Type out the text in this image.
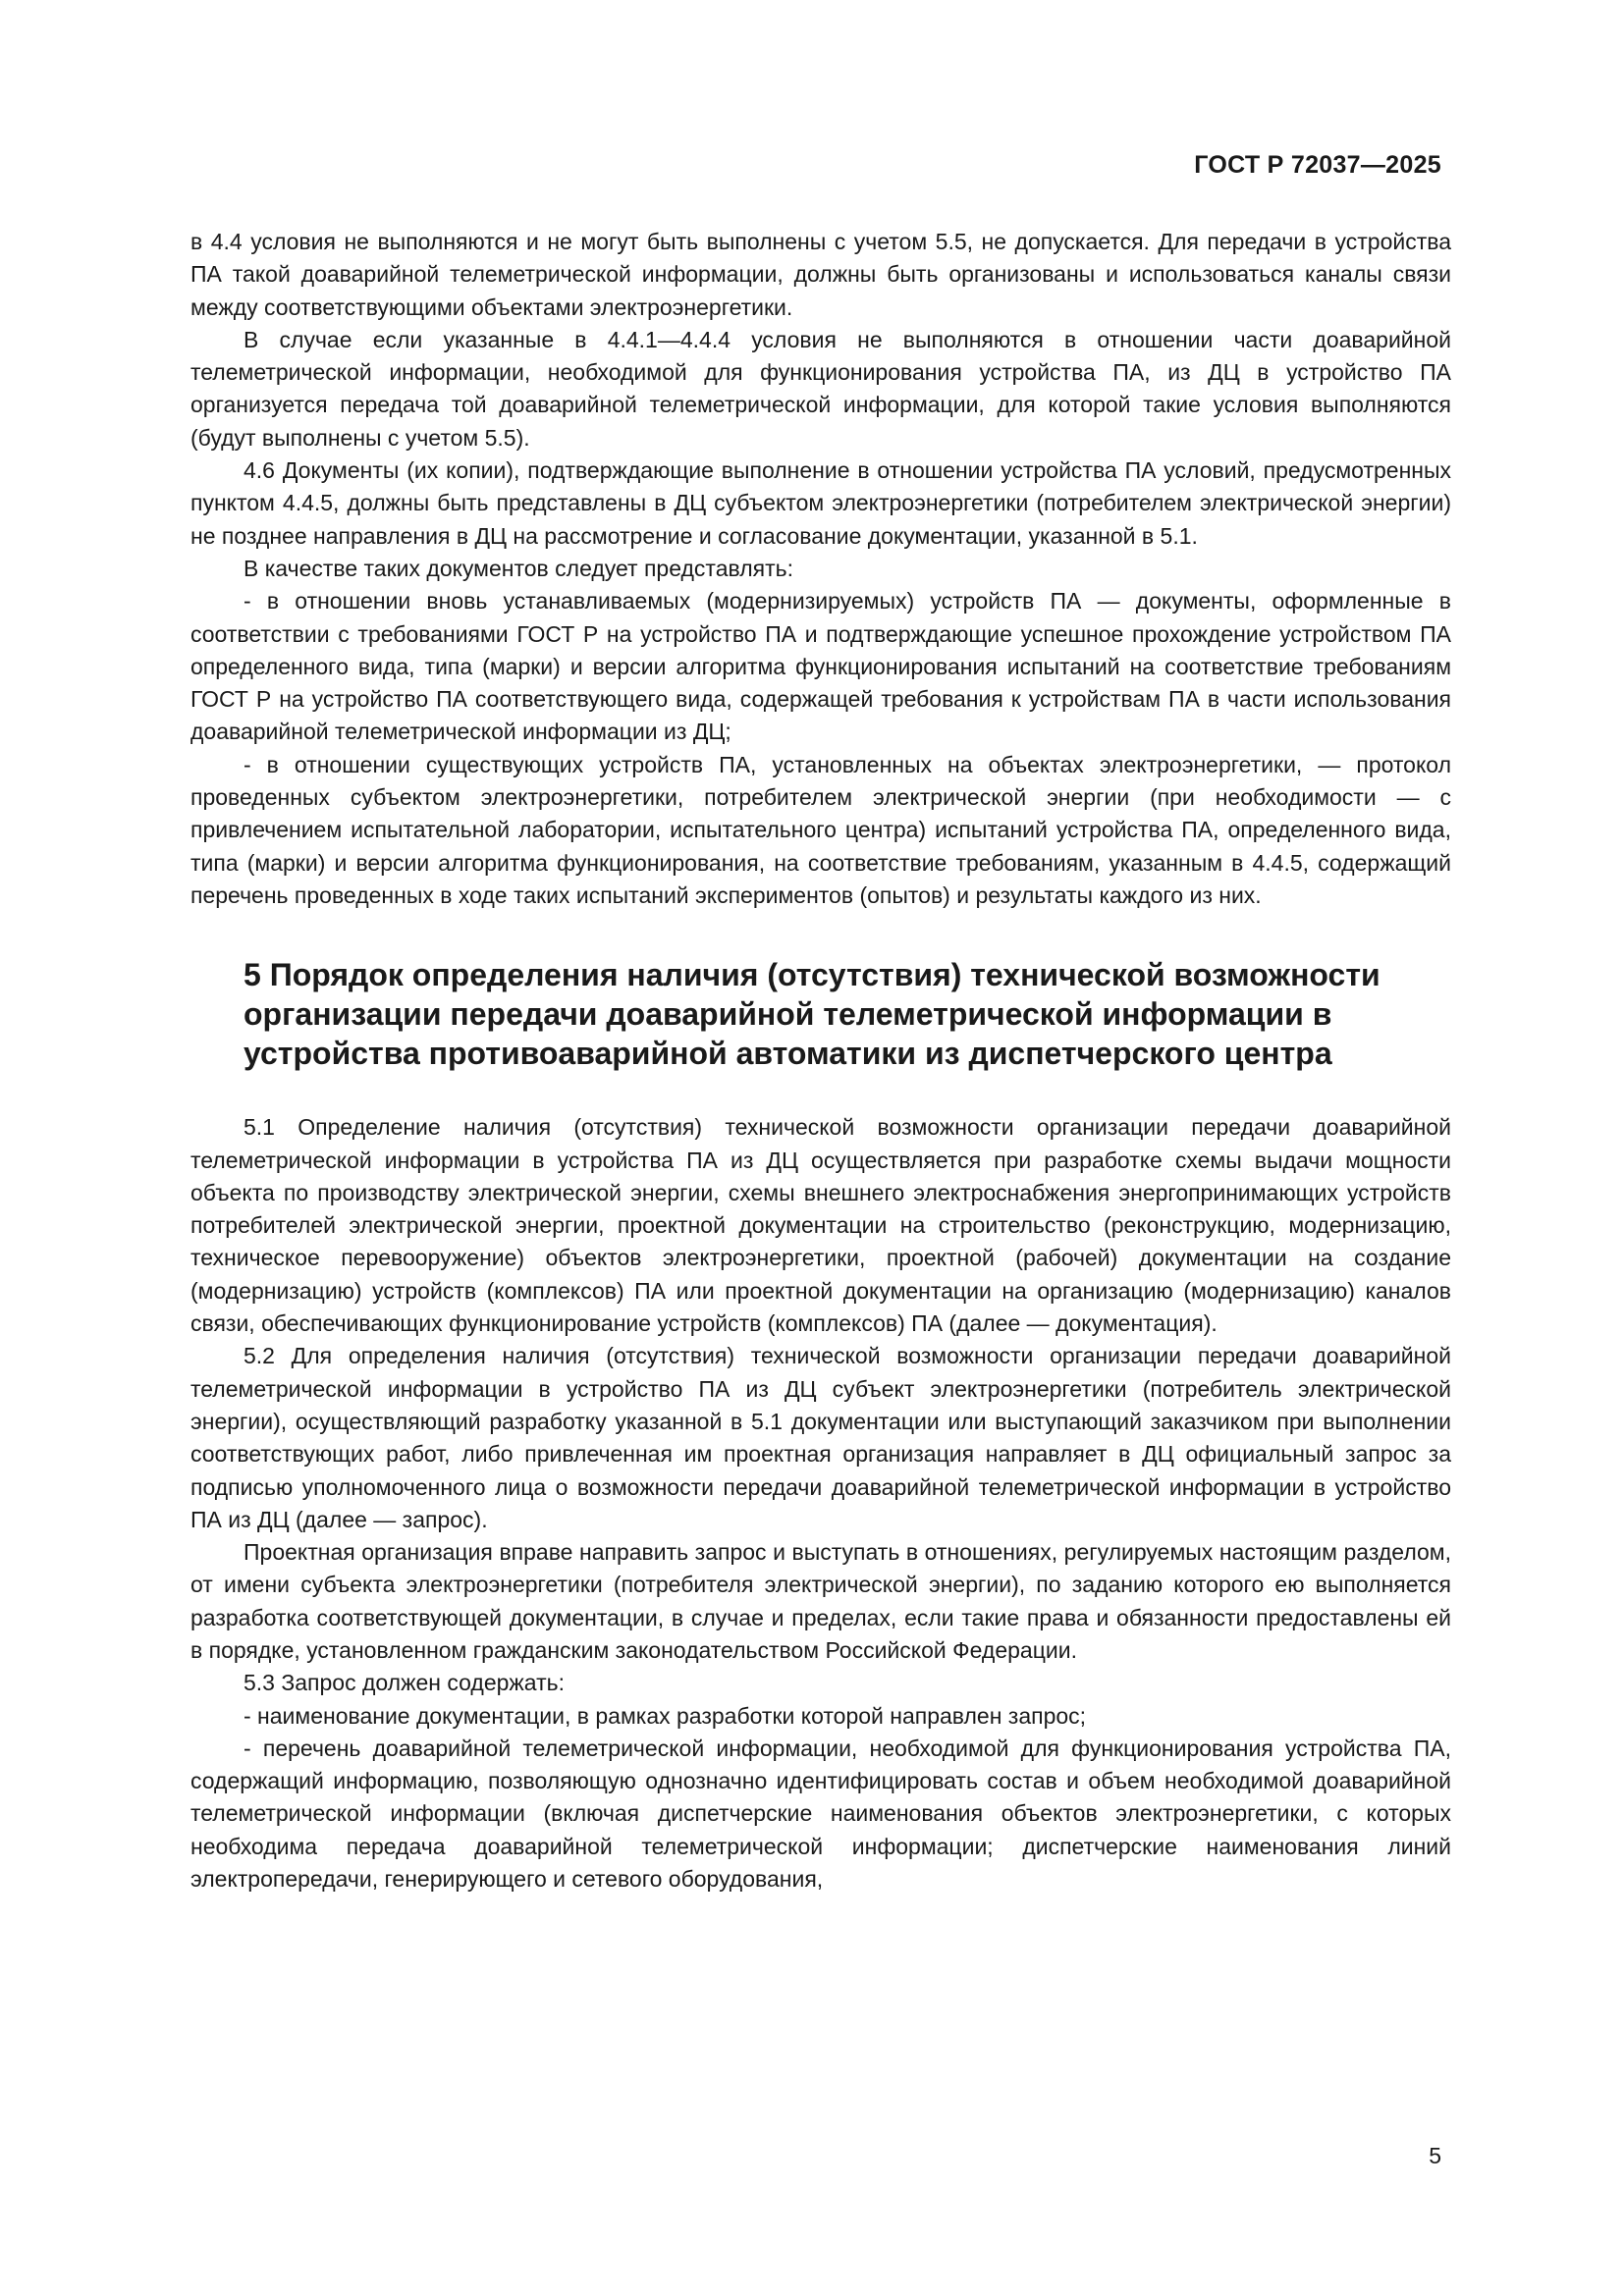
ГОСТ Р 72037—2025

в 4.4 условия не выполняются и не могут быть выполнены с учетом 5.5, не допускается. Для передачи в устройства ПА такой доаварийной телеметрической информации, должны быть организованы и использоваться каналы связи между соответствующими объектами электроэнергетики.

В случае если указанные в 4.4.1—4.4.4 условия не выполняются в отношении части доаварийной телеметрической информации, необходимой для функционирования устройства ПА, из ДЦ в устройство ПА организуется передача той доаварийной телеметрической информации, для которой такие условия выполняются (будут выполнены с учетом 5.5).

4.6 Документы (их копии), подтверждающие выполнение в отношении устройства ПА условий, предусмотренных пунктом 4.4.5, должны быть представлены в ДЦ субъектом электроэнергетики (потребителем электрической энергии) не позднее направления в ДЦ на рассмотрение и согласование документации, указанной в 5.1.

В качестве таких документов следует представлять:

- в отношении вновь устанавливаемых (модернизируемых) устройств ПА — документы, оформленные в соответствии с требованиями ГОСТ Р на устройство ПА и подтверждающие успешное прохождение устройством ПА определенного вида, типа (марки) и версии алгоритма функционирования испытаний на соответствие требованиям ГОСТ Р на устройство ПА соответствующего вида, содержащей требования к устройствам ПА в части использования доаварийной телеметрической информации из ДЦ;

- в отношении существующих устройств ПА, установленных на объектах электроэнергетики, — протокол проведенных субъектом электроэнергетики, потребителем электрической энергии (при необходимости — с привлечением испытательной лаборатории, испытательного центра) испытаний устройства ПА, определенного вида, типа (марки) и версии алгоритма функционирования, на соответствие требованиям, указанным в 4.4.5, содержащий перечень проведенных в ходе таких испытаний экспериментов (опытов) и результаты каждого из них.

5 Порядок определения наличия (отсутствия) технической возможности организации передачи доаварийной телеметрической информации в устройства противоаварийной автоматики из диспетчерского центра

5.1 Определение наличия (отсутствия) технической возможности организации передачи доаварийной телеметрической информации в устройства ПА из ДЦ осуществляется при разработке схемы выдачи мощности объекта по производству электрической энергии, схемы внешнего электроснабжения энергопринимающих устройств потребителей электрической энергии, проектной документации на строительство (реконструкцию, модернизацию, техническое перевооружение) объектов электроэнергетики, проектной (рабочей) документации на создание (модернизацию) устройств (комплексов) ПА или проектной документации на организацию (модернизацию) каналов связи, обеспечивающих функционирование устройств (комплексов) ПА (далее — документация).

5.2 Для определения наличия (отсутствия) технической возможности организации передачи доаварийной телеметрической информации в устройство ПА из ДЦ субъект электроэнергетики (потребитель электрической энергии), осуществляющий разработку указанной в 5.1 документации или выступающий заказчиком при выполнении соответствующих работ, либо привлеченная им проектная организация направляет в ДЦ официальный запрос за подписью уполномоченного лица о возможности передачи доаварийной телеметрической информации в устройство ПА из ДЦ (далее — запрос).

Проектная организация вправе направить запрос и выступать в отношениях, регулируемых настоящим разделом, от имени субъекта электроэнергетики (потребителя электрической энергии), по заданию которого ею выполняется разработка соответствующей документации, в случае и пределах, если такие права и обязанности предоставлены ей в порядке, установленном гражданским законодательством Российской Федерации.

5.3 Запрос должен содержать:

- наименование документации, в рамках разработки которой направлен запрос;

- перечень доаварийной телеметрической информации, необходимой для функционирования устройства ПА, содержащий информацию, позволяющую однозначно идентифицировать состав и объем необходимой доаварийной телеметрической информации (включая диспетчерские наименования объектов электроэнергетики, с которых необходима передача доаварийной телеметрической информации; диспетчерские наименования линий электропередачи, генерирующего и сетевого оборудования,

5
